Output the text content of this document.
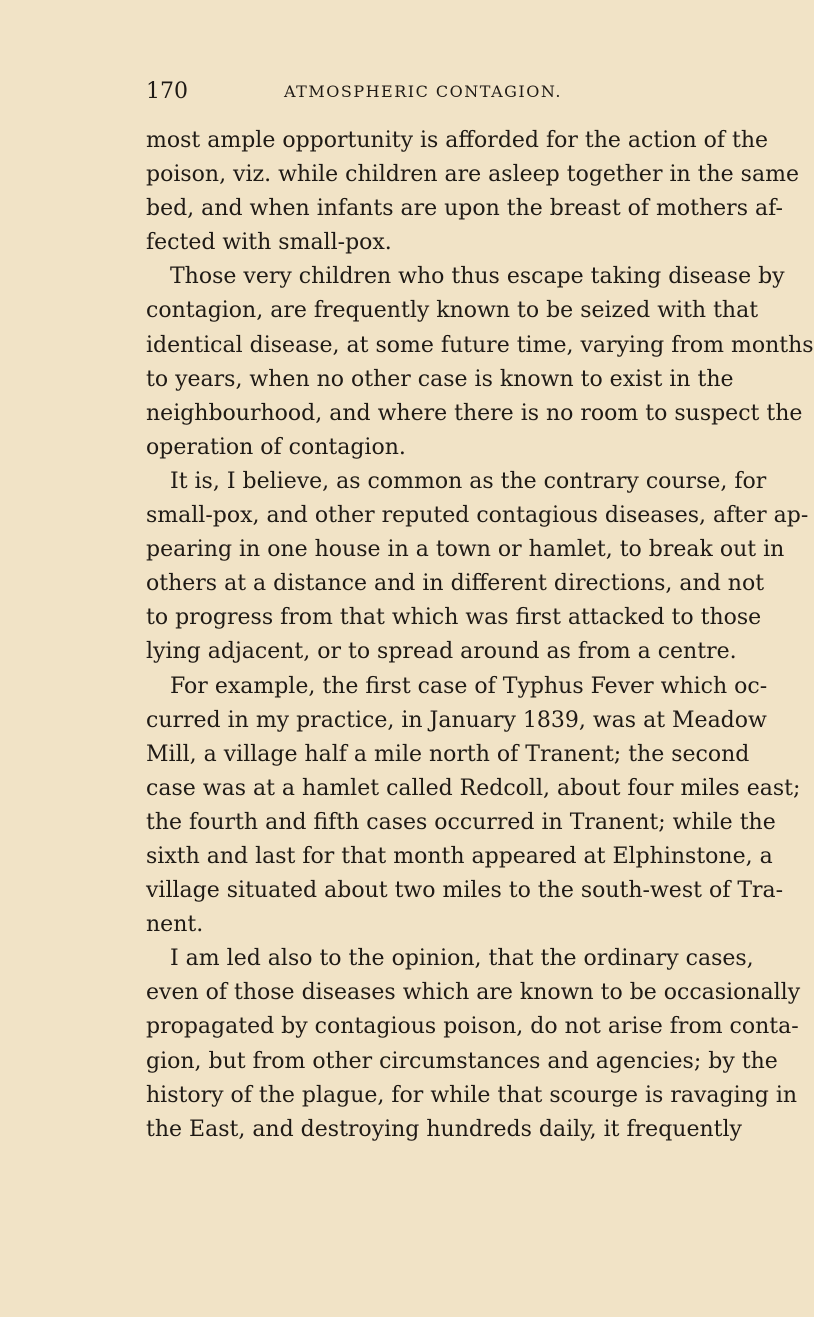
170	ATMOSPHERIC CONTAGION.
most ample opportunity is afforded for the action of the
poison, viz. while children are asleep together in the same
bed, and when infants are upon the breast of mothers af-
fected with small-pox.
Those very children who thus escape taking disease by
contagion, are frequently known to be seized with that
identical disease, at some future time, varying from months
to years, when no other case is known to exist in the
neighbourhood, and where there is no room to suspect the
operation of contagion.
It is, I believe, as common as the contrary course, for
small-pox, and other reputed contagious diseases, after ap-
pearing in one house in a town or hamlet, to break out in
others at a distance and in different directions, and not
to progress from that which was first attacked to those
lying adjacent, or to spread around as from a centre.
For example, the first case of Typhus Fever which oc-
curred in my practice, in January 1839, was at Meadow
Mill, a village half a mile north of Tranent; the second
case was at a hamlet called Redcoll, about four miles east;
the fourth and fifth cases occurred in Tranent; while the
sixth and last for that month appeared at Elphinstone, a
village situated about two miles to the south-west of Tra-
nent.
I am led also to the opinion, that the ordinary cases,
even of those diseases which are known to be occasionally
propagated by contagious poison, do not arise from conta-
gion, but from other circumstances and agencies; by the
history of the plague, for while that scourge is ravaging in
the East, and destroying hundreds daily, it frequently
